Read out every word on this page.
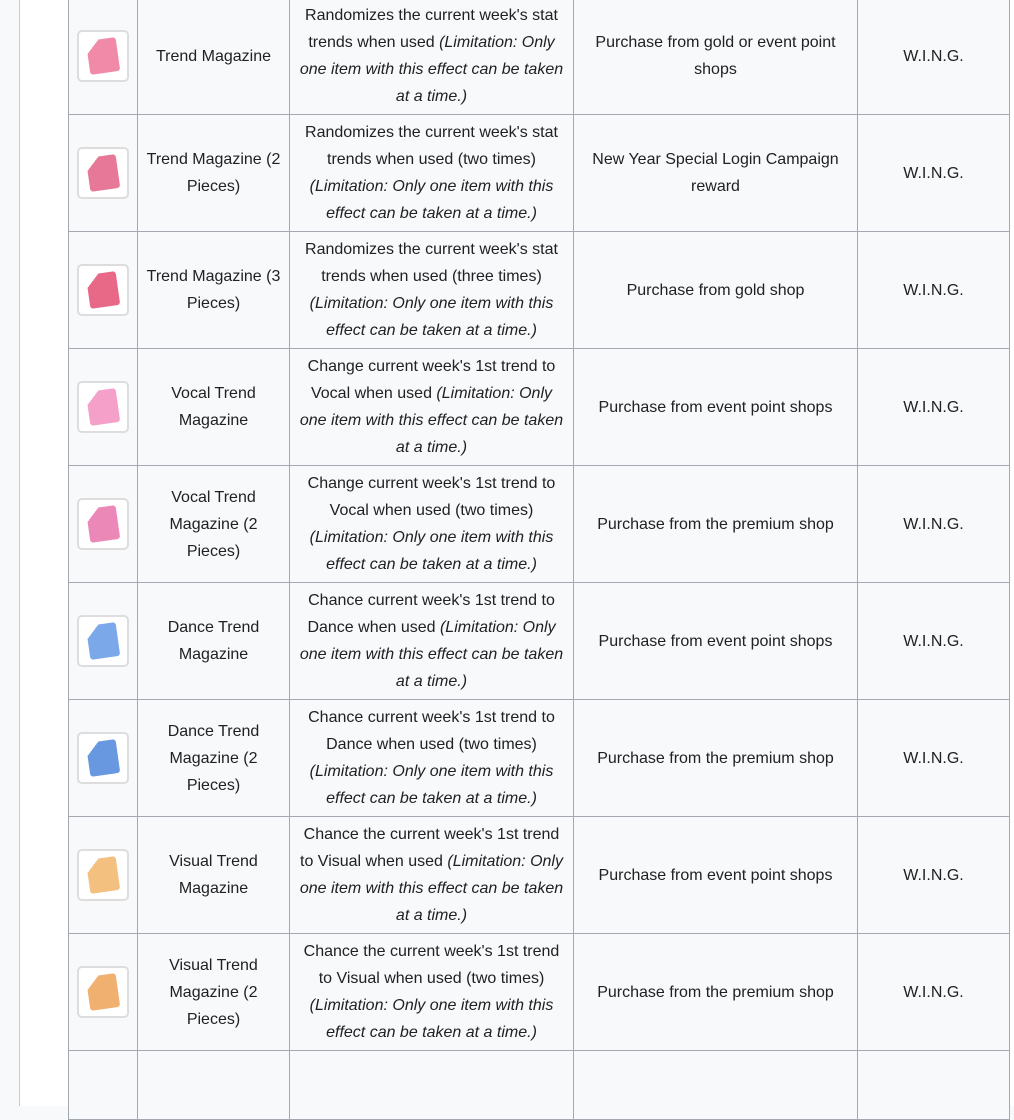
	Trend Magazine	Randomizes the current week's stat trends when used (Limitation: Only one item with this effect can be taken at a time.)	Purchase from gold or event point shops	W.I.N.G.

	Trend Magazine (2 Pieces)	Randomizes the current week's stat trends when used (two times) (Limitation: Only one item with this effect can be taken at a time.)	New Year Special Login Campaign reward	W.I.N.G.

	Trend Magazine (3 Pieces)	Randomizes the current week's stat trends when used (three times) (Limitation: Only one item with this effect can be taken at a time.)	Purchase from gold shop	W.I.N.G.

	Vocal Trend Magazine	Change current week's 1st trend to Vocal when used (Limitation: Only one item with this effect can be taken at a time.)	Purchase from event point shops	W.I.N.G.

	Vocal Trend Magazine (2 Pieces)	Change current week's 1st trend to Vocal when used (two times) (Limitation: Only one item with this effect can be taken at a time.)	Purchase from the premium shop	W.I.N.G.

	Dance Trend Magazine	Chance current week's 1st trend to Dance when used (Limitation: Only one item with this effect can be taken at a time.)	Purchase from event point shops	W.I.N.G.

	Dance Trend Magazine (2 Pieces)	Chance current week's 1st trend to Dance when used (two times) (Limitation: Only one item with this effect can be taken at a time.)	Purchase from the premium shop	W.I.N.G.

	Visual Trend Magazine	Chance the current week's 1st trend to Visual when used (Limitation: Only one item with this effect can be taken at a time.)	Purchase from event point shops	W.I.N.G.

	Visual Trend Magazine (2 Pieces)	Chance the current week's 1st trend to Visual when used (two times) (Limitation: Only one item with this effect can be taken at a time.)	Purchase from the premium shop	W.I.N.G.
